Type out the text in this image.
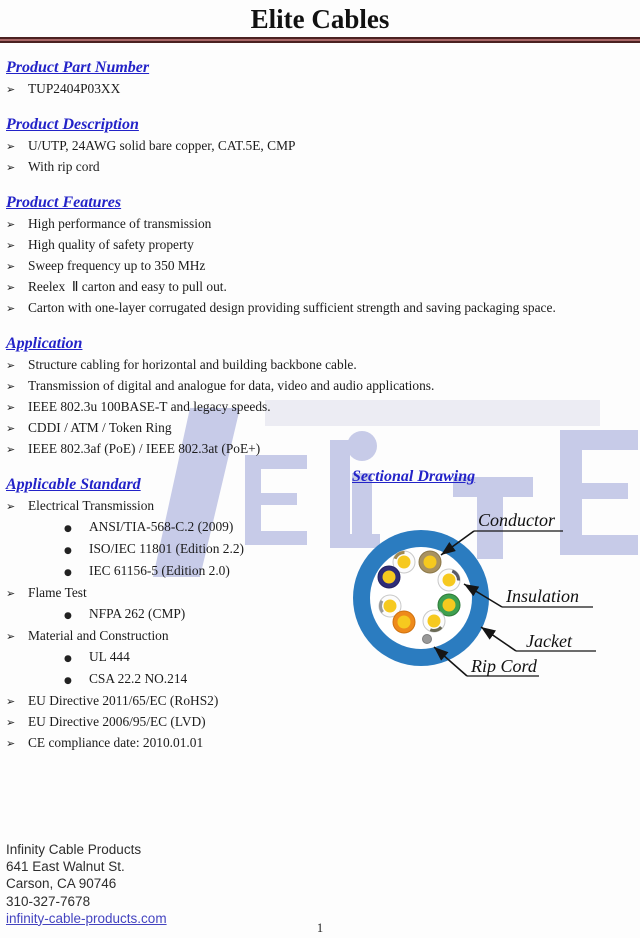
Elite Cables
Product Part Number
➢ TUP2404P03XX
Product Description
➢ U/UTP, 24AWG solid bare copper, CAT.5E, CMP
➢ With rip cord
Product Features
➢ High performance of transmission
➢ High quality of safety property
➢ Sweep frequency up to 350 MHz
➢ Reelex  Ⅱ carton and easy to pull out.
➢ Carton with one-layer corrugated design providing sufficient strength and saving packaging space.
Application
➢ Structure cabling for horizontal and building backbone cable.
➢ Transmission of digital and analogue for data, video and audio applications.
➢ IEEE 802.3u 100BASE-T and legacy speeds.
➢ CDDI / ATM / Token Ring
➢ IEEE 802.3af (PoE) / IEEE 802.3at (PoE+)
Applicable Standard
➢ Electrical Transmission
●	ANSI/TIA-568-C.2 (2009)
●	ISO/IEC 11801 (Edition 2.2)
●	IEC 61156-5 (Edition 2.0)
➢ Flame Test
●	NFPA 262 (CMP)
➢ Material and Construction
●	UL 444
●	CSA 22.2 NO.214
➢ EU Directive 2011/65/EC (RoHS2)
➢ EU Directive 2006/95/EC (LVD)
➢ CE compliance date: 2010.01.01
Sectional Drawing
Conductor
Insulation
Jacket
Rip Cord
Infinity Cable Products
641 East Walnut St.
Carson, CA 90746
310-327-7678
infinity-cable-products.com
1
